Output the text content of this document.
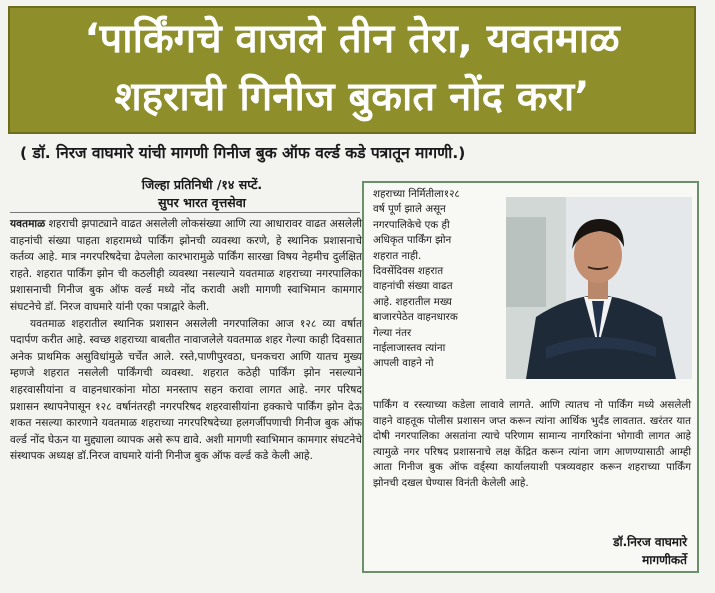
‘पार्किंगचे वाजले तीन तेरा, यवतमाळ
शहराची गिनीज बुकात नोंद करा’
( डॉ. निरज वाघमारे यांची मागणी गिनीज बुक ऑफ वर्ल्ड कडे पत्रातून मागणी.)
जिल्हा प्रतिनिधी /१४ सप्टें.
सुपर भारत वृत्तसेवा

यवतमाळ शहराची झपाट्याने वाढत असलेली लोकसंख्या आणि त्या आधारावर वाढत असलेली वाहनांची संख्या पाहता शहरामध्ये पार्किंग झोनची व्यवस्था करणे, हे स्थानिक प्रशासनाचे कर्तव्य आहे. मात्र नगरपरिषदेचा ढेपलेला कारभारामुळे पार्किंग सारखा विषय नेहमीच दुर्लक्षित राहते. शहरात पार्किंग झोन ची कठलीही व्यवस्था नसल्याने यवतमाळ शहराच्या नगरपालिका प्रशासनाची गिनीज बुक ऑफ वर्ल्ड मध्ये नोंद करावी अशी मागणी स्वाभिमान कामगार संघटनेचे डॉ. निरज वाघमारे यांनी एका पत्राद्वारे केली.

यवतमाळ शहरातील स्थानिक प्रशासन असलेली नगरपालिका आज १२८ व्या वर्षात पदार्पण करीत आहे. स्वच्छ शहराच्या बाबतीत नावाजलेले यवतमाळ शहर गेल्या काही दिवसात अनेक प्राथमिक असुविधांमुळे चर्चेत आले. रस्ते,पाणीपुरवठा, घनकचरा आणि यातच मुख्य म्हणजे शहरात नसलेली पार्किंगची व्यवस्था. शहरात कठेही पार्किंग झोन नसल्याने शहरवासीयांना व वाहनधारकांना मोठा मनस्ताप सहन करावा लागत आहे. नगर परिषद प्रशासन स्थापनेपासून १२८ वर्षानंतरही नगरपरिषद शहरवासीयांना हक्काचे पार्किंग झोन देऊ शकत नसल्या कारणाने यवतमाळ शहराच्या नगरपरिषदेच्या हलगर्जीपणाची गिनीज बुक ऑफ वर्ल्ड नोंद घेऊन या मुद्द्याला व्यापक असे रूप द्यावे. अशी मागणी स्वाभिमान कामगार संघटनेचे संस्थापक अध्यक्ष डॉ.निरज वाघमारे यांनी गिनीज बुक ऑफ वर्ल्ड कडे केली आहे.

शहराच्या निर्मितीला१२८

वर्ष पूर्ण झाले असून

नगरपालिकेचे एक ही

अधिकृत पार्किंग झोन

शहरात नाही.

दिवसेंदिवस शहरात

वाहनांची संख्या वाढत

आहे. शहरातील मख्य

बाजारपेठेत वाहनधारक

गेल्या नंतर

नाईलाजास्तव त्यांना

आपली वाहने नो

पार्किंग व रस्त्याच्या कडेला लावावे लागते. आणि त्यातच नो पार्किंग मध्ये असलेली वाहने वाहतूक पोलीस प्रशासन जप्त करून त्यांना आर्थिक भुर्दंड लावतात. खरंतर यात दोषी नगरपालिका असतांना त्याचे परिणाम सामान्य नागरिकांना भोगावी लागत आहे त्यामुळे नगर परिषद प्रशासनाचे लक्ष केंद्रित करून त्यांना जाग आणण्यासाठी आम्ही आता गिनीज बुक ऑफ वर्ड्स्या कार्यालयाशी पत्रव्यवहार करून शहराच्या पार्किंग झोनची दखल घेण्यास विनंती केलेली आहे.

डॉ.निरज वाघमारे
मागणीकर्ते
